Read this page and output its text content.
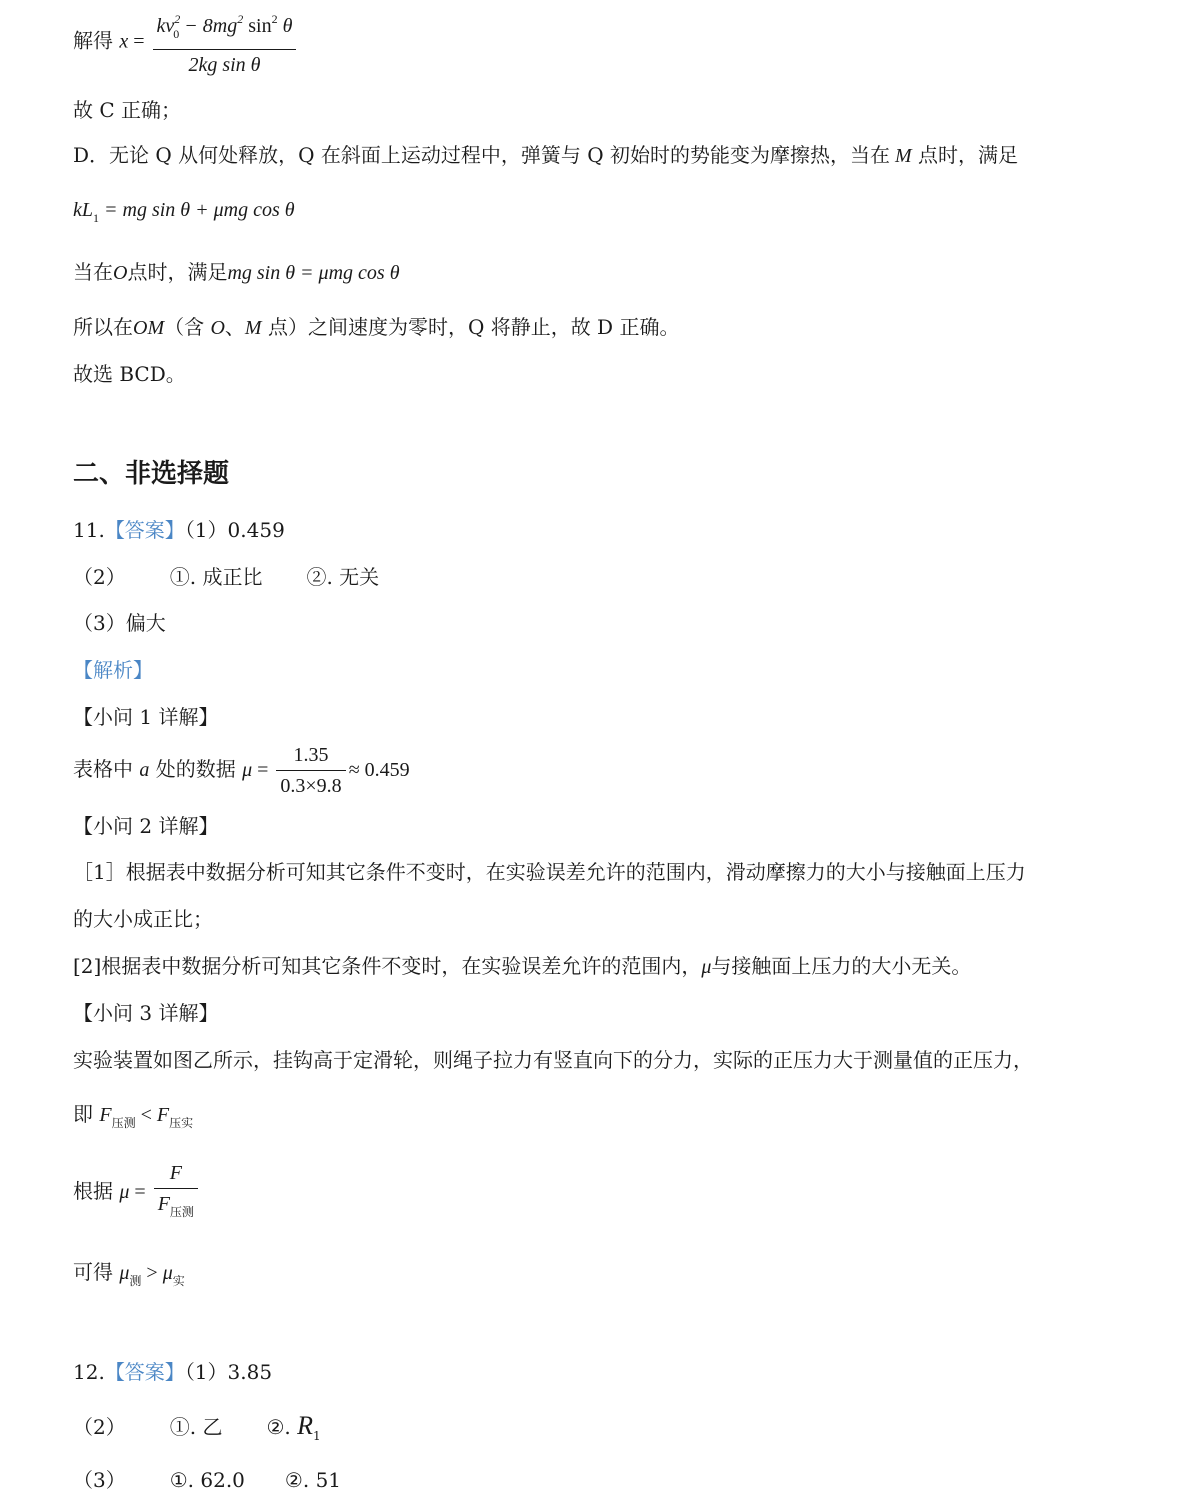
解得 $x = \frac{kv^2_0 - 8mg^2 \sin^2 \theta}{\text{2kg sin θ}}$
故 C 正确；
D．无论 Q 从何处释放，Q 在斜面上运动过程中，弹簧与 Q 初始时的势能变为摩擦热，当在 M 点时，满足
$kL_1$ = mg sin θ + μmg cos θ
当在O点时，满足mg sin θ = μmg cos θ
所以在OM（含 O、M 点）之间速度为零时，Q 将静止，故 D 正确。
故选 BCD。
二、非选择题
11.【答案】（1）0.459
（2） ①. 成正比 ②. 无关
（3）偏大
【解析】
【小问 1 详解】
表格中 a 处的数据 $\mu = \frac{1.35}{0.3\times 9.8} \approx 0.459$
【小问 2 详解】
［1］根据表中数据分析可知其它条件不变时，在实验误差允许的范围内，滑动摩擦力的大小与接触面上压力
的大小成正比；
[2]根据表中数据分析可知其它条件不变时，在实验误差允许的范围内，μ与接触面上压力的大小无关。
【小问 3 详解】
实验装置如图乙所示，挂钩高于定滑轮，则绳子拉力有竖直向下的分力，实际的正压力大于测量值的正压力，
即 $F_{压测} < F_{压实}$
根据 $\mu = \frac{F}{F_{压测}}$
可得 $\mu_测 > \mu_实$
12.【答案】（1）3.85
（2） ①. 乙 ②. $R_1$
（3） ①. 62.0 ②. 51
